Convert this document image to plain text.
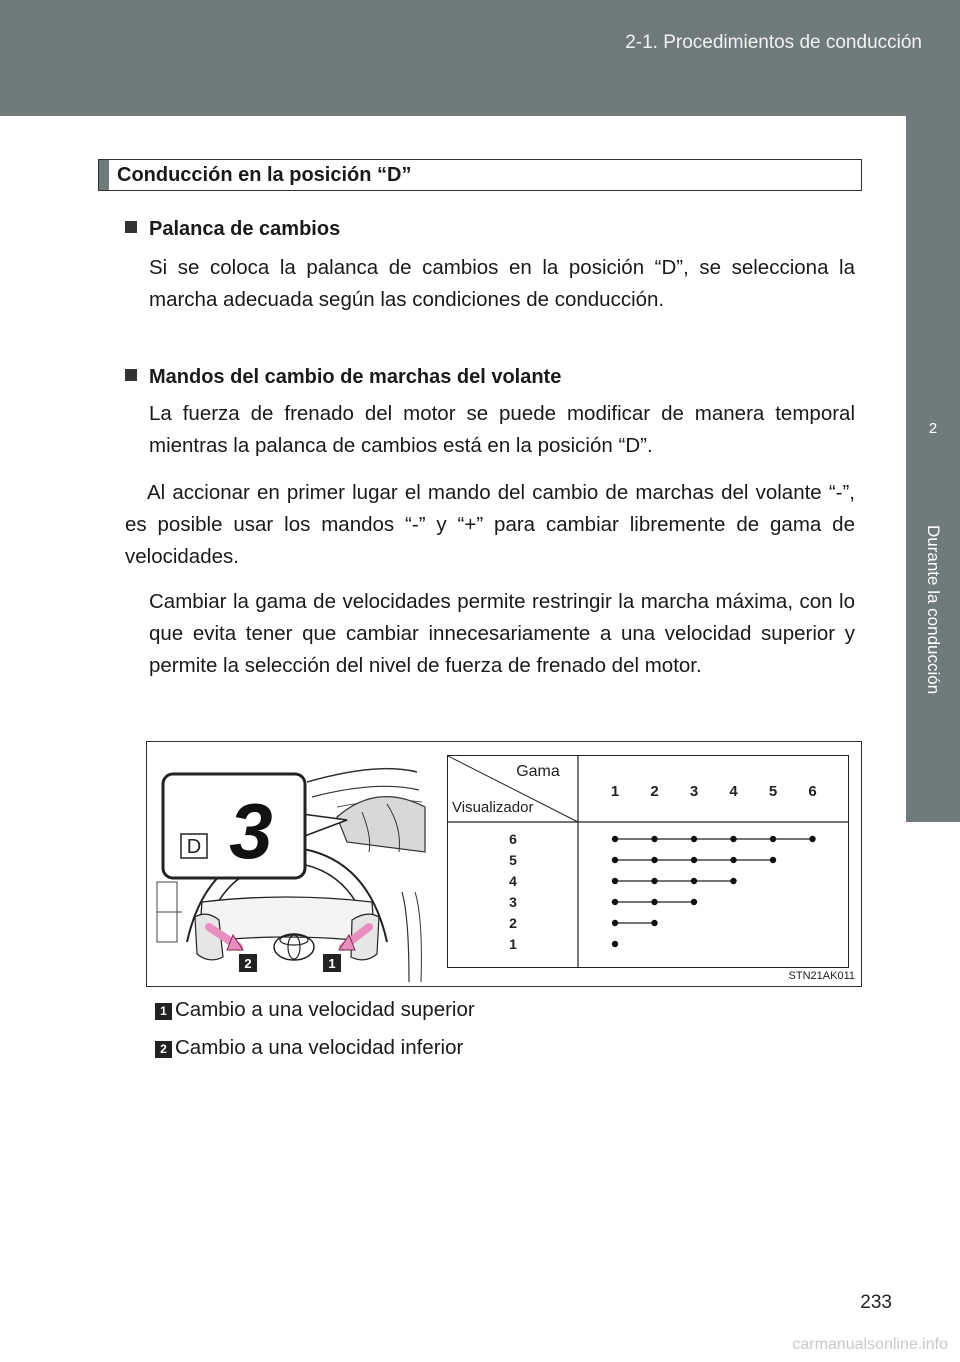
2-1. Procedimientos de conducción
2
Durante la conducción
Conducción en la posición “D”
Palanca de cambios
Si se coloca la palanca de cambios en la posición “D”, se selecciona la marcha adecuada según las condiciones de conducción.
Mandos del cambio de marchas del volante
La fuerza de frenado del motor se puede modificar de manera temporal mientras la palanca de cambios está en la posición “D”.
Al accionar en primer lugar el mando del cambio de marchas del volante “-”, es posible usar los mandos “-” y “+” para cambiar libremente de gama de velocidades.
Cambiar la gama de velocidades permite restringir la marcha máxima, con lo que evita tener que cambiar innecesariamente a una velocidad superior y permite la selección del nivel de fuerza de frenado del motor.
D 3
2	1
Gama
Visualizador
1 2 3 4 5 6
6
5
4
3
2
1
STN21AK011
1 Cambio a una velocidad superior
2 Cambio a una velocidad inferior
233
carmanualsonline.info
